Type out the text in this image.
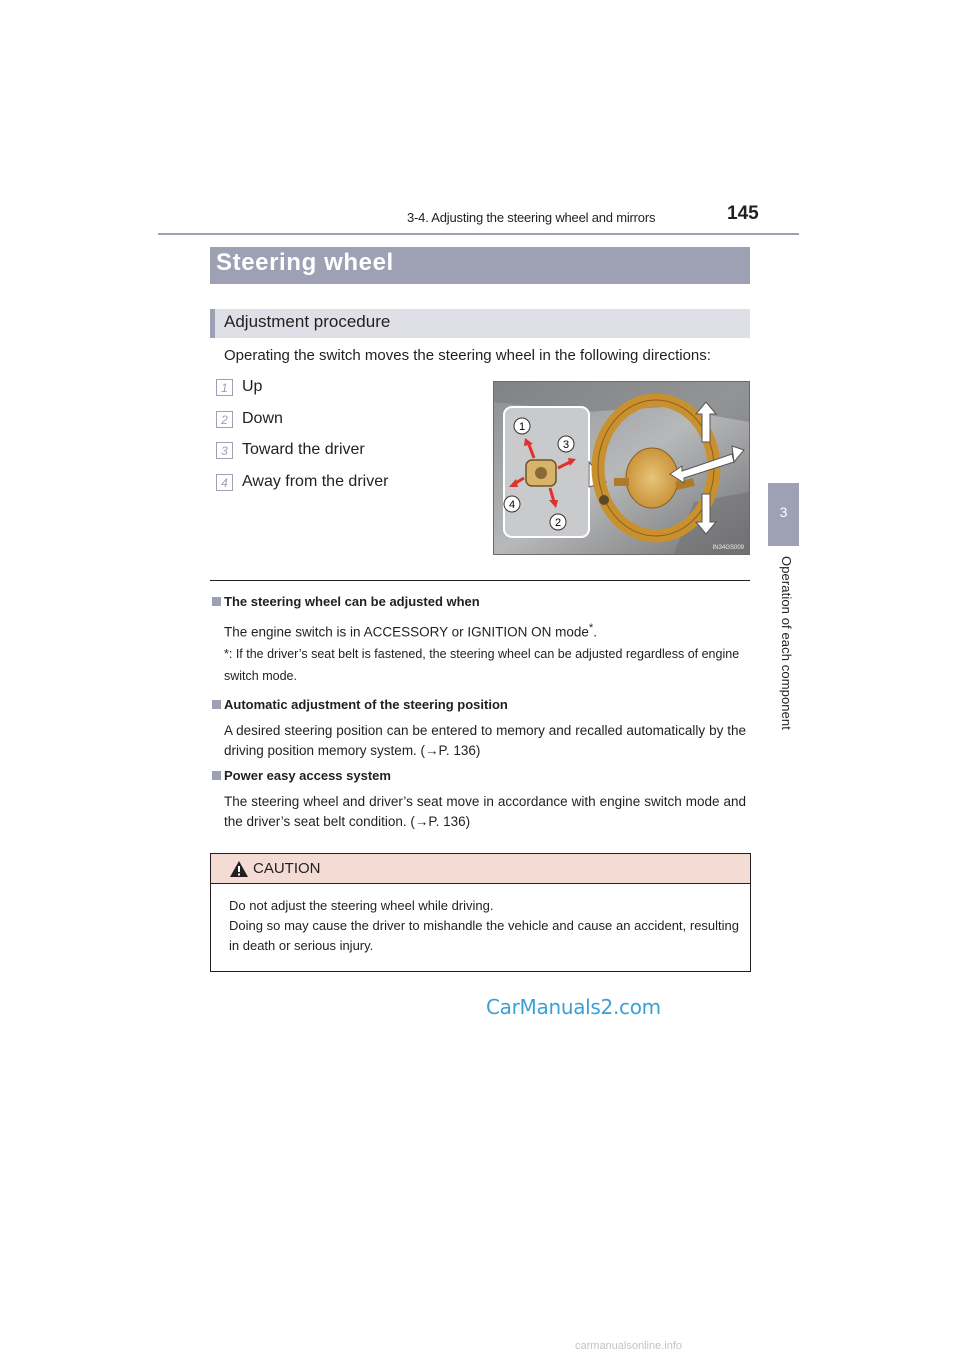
3-4. Adjusting the steering wheel and mirrors	145
3
Operation of each component
Steering wheel
Adjustment procedure
Operating the switch moves the steering wheel in the following directions:
1 Up
2 Down
3 Toward the driver
4 Away from the driver
1
3
4
2
IN34GS009
The steering wheel can be adjusted when
The engine switch is in ACCESSORY or IGNITION ON mode*.
*: If the driver’s seat belt is fastened, the steering wheel can be adjusted regardless of engine switch mode.
Automatic adjustment of the steering position
A desired steering position can be entered to memory and recalled automatically by the driving position memory system. (→P. 136)
Power easy access system
The steering wheel and driver’s seat move in accordance with engine switch mode and the driver’s seat belt condition. (→P. 136)
CAUTION

Do not adjust the steering wheel while driving.

Doing so may cause the driver to mishandle the vehicle and cause an accident, resulting in death or serious injury.

CarManuals2.com
carmanualsonline.info
